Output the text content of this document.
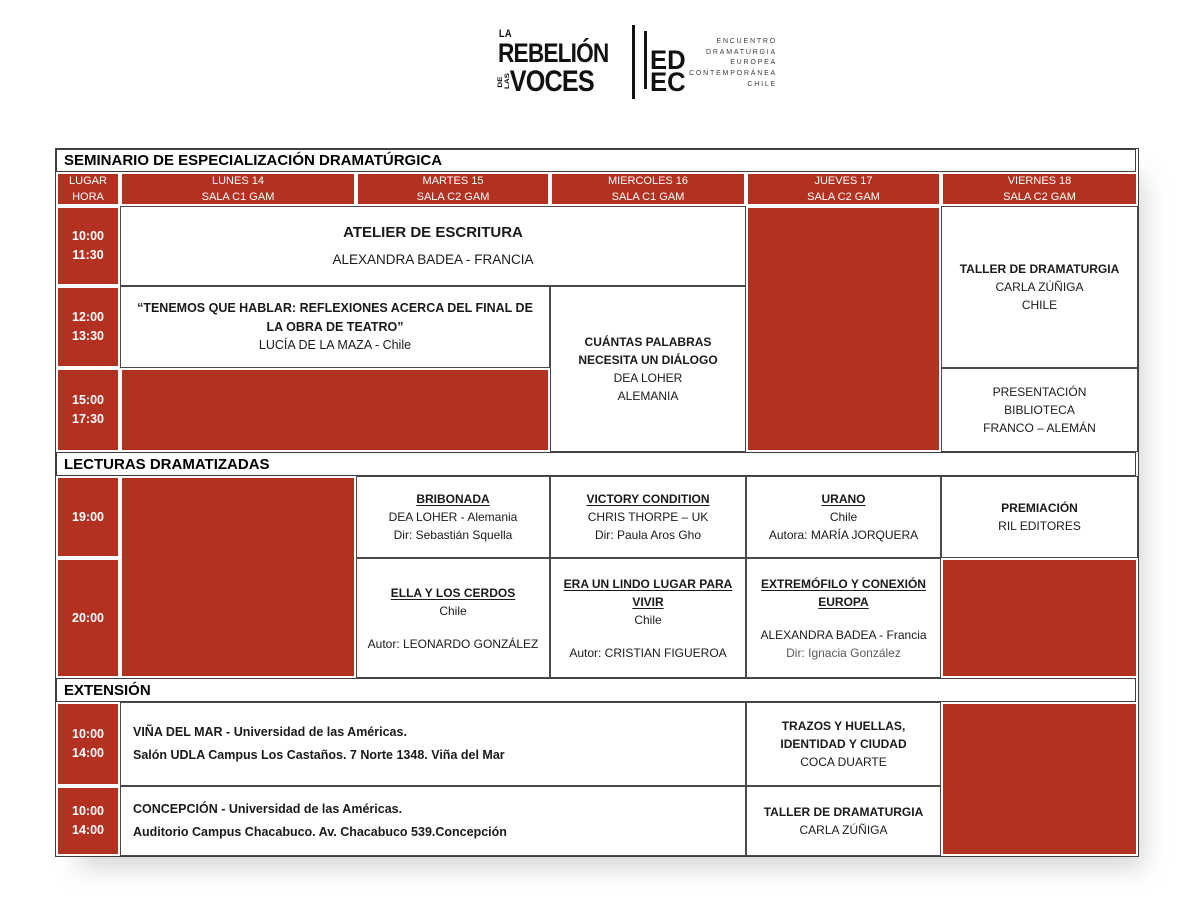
LA
REBELIÓN
DE LAS VOCES
ED
EC
ENCUENTRO
DRAMATURGIA
EUROPEA
CONTEMPORÁNEA
CHILE
SEMINARIO DE ESPECIALIZACIÓN DRAMATÚRGICA
LUGAR
HORA
LUNES 14
SALA C1 GAM
MARTES 15
SALA C2 GAM
MIERCOLES 16
SALA C1 GAM
JUEVES 17
SALA C2 GAM
VIERNES 18
SALA C2 GAM
10:00
11:30
ATELIER DE ESCRITURA
ALEXANDRA BADEA - FRANCIA
TALLER DE DRAMATURGIA
CARLA ZÚÑIGA
CHILE
12:00
13:30
“TENEMOS QUE HABLAR: REFLEXIONES ACERCA DEL FINAL DE LA OBRA DE TEATRO”
LUCÍA DE LA MAZA - Chile	CUÁNTAS PALABRAS
NECESITA UN DIÁLOGO
DEA LOHER
ALEMANIA
15:00
17:30
PRESENTACIÓN
BIBLIOTECA
FRANCO – ALEMÁN
LECTURAS DRAMATIZADAS
19:00
BRIBONADA
DEA LOHER - Alemania
Dir: Sebastián Squella
VICTORY CONDITION
CHRIS THORPE – UK
Dir: Paula Aros Gho
URANO
Chile
Autora: MARÍA JORQUERA
PREMIACIÓN
RIL EDITORES
20:00
ELLA Y LOS CERDOS
Chile
Autor: LEONARDO GONZÁLEZ
ERA UN LINDO LUGAR PARA VIVIR
Chile
Autor: CRISTIAN FIGUEROA
EXTREMÓFILO Y CONEXIÓN EUROPA
ALEXANDRA BADEA - Francia
Dir: Ignacia González
EXTENSIÓN
10:00
14:00
VIÑA DEL MAR - Universidad de las Américas.
Salón UDLA Campus Los Castaños. 7 Norte 1348. Viña del Mar
TRAZOS Y HUELLAS, IDENTIDAD Y CIUDAD
COCA DUARTE
10:00
14:00
CONCEPCIÓN - Universidad de las Américas.
Auditorio Campus Chacabuco. Av. Chacabuco 539.Concepción
TALLER DE DRAMATURGIA
CARLA ZÚÑIGA
